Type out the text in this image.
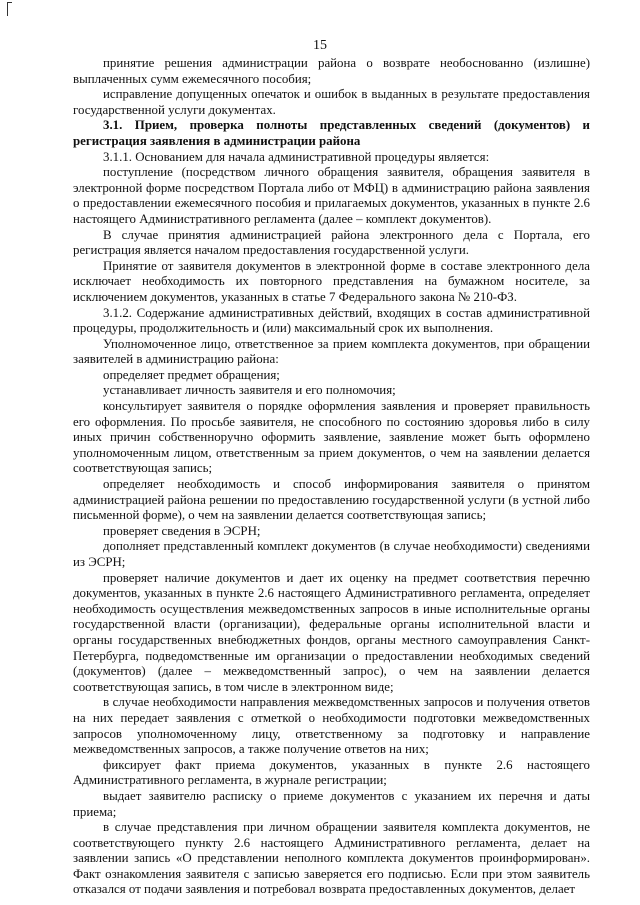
15

принятие решения администрации района о возврате необоснованно (излишне) выплаченных сумм ежемесячного пособия;

исправление допущенных опечаток и ошибок в выданных в результате предоставления государственной услуги документах.

3.1. Прием, проверка полноты представленных сведений (документов) и регистрация заявления в администрации района

3.1.1. Основанием для начала административной процедуры является:

поступление (посредством личного обращения заявителя, обращения заявителя в электронной форме посредством Портала либо от МФЦ) в администрацию района заявления о предоставлении ежемесячного пособия и прилагаемых документов, указанных в пункте 2.6 настоящего Административного регламента (далее – комплект документов).

В случае принятия администрацией района электронного дела с Портала, его регистрация является началом предоставления государственной услуги.

Принятие от заявителя документов в электронной форме в составе электронного дела исключает необходимость их повторного представления на бумажном носителе, за исключением документов, указанных в статье 7 Федерального закона № 210-ФЗ.

3.1.2. Содержание административных действий, входящих в состав административной процедуры, продолжительность и (или) максимальный срок их выполнения.

Уполномоченное лицо, ответственное за прием комплекта документов, при обращении заявителей в администрацию района:

определяет предмет обращения;

устанавливает личность заявителя и его полномочия;

консультирует заявителя о порядке оформления заявления и проверяет правильность его оформления. По просьбе заявителя, не способного по состоянию здоровья либо в силу иных причин собственноручно оформить заявление, заявление может быть оформлено уполномоченным лицом, ответственным за прием документов, о чем на заявлении делается соответствующая запись;

определяет необходимость и способ информирования заявителя о принятом администрацией района решении по предоставлению государственной услуги (в устной либо письменной форме), о чем на заявлении делается соответствующая запись;

проверяет сведения в ЭСРН;

дополняет представленный комплект документов (в случае необходимости) сведениями из ЭСРН;

проверяет наличие документов и дает их оценку на предмет соответствия перечню документов, указанных в пункте 2.6 настоящего Административного регламента, определяет необходимость осуществления межведомственных запросов в иные исполнительные органы государственной власти (организации), федеральные органы исполнительной власти и органы государственных внебюджетных фондов, органы местного самоуправления Санкт-Петербурга, подведомственные им организации о предоставлении необходимых сведений (документов) (далее – межведомственный запрос), о чем на заявлении делается соответствующая запись, в том числе в электронном виде;

в случае необходимости направления межведомственных запросов и получения ответов на них передает заявления с отметкой о необходимости подготовки межведомственных запросов уполномоченному лицу, ответственному за подготовку и направление межведомственных запросов, а также получение ответов на них;

фиксирует факт приема документов, указанных в пункте 2.6 настоящего Административного регламента, в журнале регистрации;

выдает заявителю расписку о приеме документов с указанием их перечня и даты приема;

в случае представления при личном обращении заявителя комплекта документов, не соответствующего пункту 2.6 настоящего Административного регламента, делает на заявлении запись «О представлении неполного комплекта документов проинформирован». Факт ознакомления заявителя с записью заверяется его подписью. Если при этом заявитель отказался от подачи заявления и потребовал возврата предоставленных документов, делает
